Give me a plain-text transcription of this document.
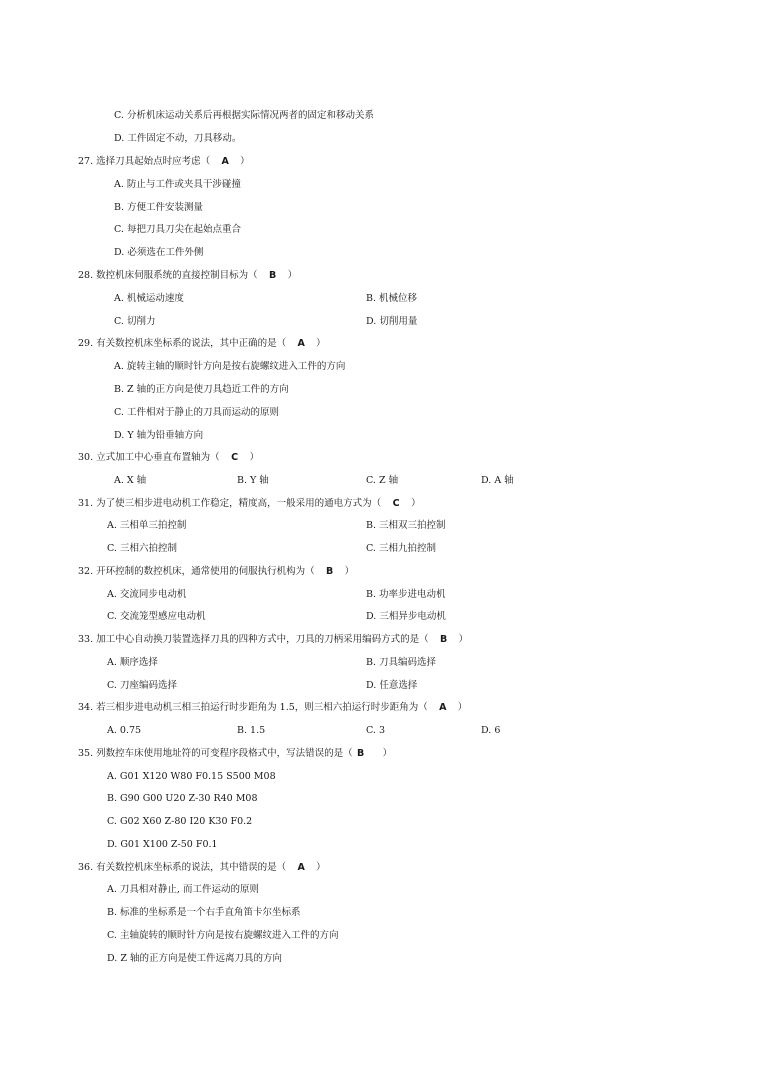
C. 分析机床运动关系后再根据实际情况两者的固定和移动关系
D. 工件固定不动，刀具移动。
27. 选择刀具起始点时应考虑（ A ）
A. 防止与工件或夹具干涉碰撞
B. 方便工件安装测量
C. 每把刀具刀尖在起始点重合
D. 必须选在工件外侧
28. 数控机床伺服系统的直接控制目标为（ B ）
A. 机械运动速度	B. 机械位移
C. 切削力	D. 切削用量
29. 有关数控机床坐标系的说法，其中正确的是（ A ）
A. 旋转主轴的顺时针方向是按右旋螺纹进入工件的方向
B. Z 轴的正方向是使刀具趋近工件的方向
C. 工件相对于静止的刀具而运动的原则
D. Y 轴为铅垂轴方向
30. 立式加工中心垂直布置轴为（ C ）
A. X 轴	B. Y 轴	C. Z 轴	D. A 轴
31. 为了使三相步进电动机工作稳定，精度高，一般采用的通电方式为（ C ）
A. 三相单三拍控制	B. 三相双三拍控制
C. 三相六拍控制	C. 三相九拍控制
32. 开环控制的数控机床，通常使用的伺服执行机构为（ B ）
A. 交流同步电动机	B. 功率步进电动机
C. 交流笼型感应电动机	D. 三相异步电动机
33. 加工中心自动换刀装置选择刀具的四种方式中，刀具的刀柄采用编码方式的是（ B ）
A. 顺序选择	B. 刀具编码选择
C. 刀座编码选择	D. 任意选择
34. 若三相步进电动机三相三拍运行时步距角为 1.5，则三相六拍运行时步距角为（ A ）
A. 0.75	B. 1.5	C. 3	D. 6
35. 列数控车床使用地址符的可变程序段格式中，写法错误的是（ B ）
A. G01 X120 W80 F0.15 S500 M08
B. G90 G00 U20 Z-30 R40 M08
C. G02 X60 Z-80 I20 K30 F0.2
D. G01 X100 Z-50 F0.1
36. 有关数控机床坐标系的说法，其中错误的是（ A ）
A. 刀具相对静止, 而工件运动的原则
B. 标准的坐标系是一个右手直角笛卡尔坐标系
C. 主轴旋转的顺时针方向是按右旋螺纹进入工件的方向
D. Z 轴的正方向是使工件远离刀具的方向
